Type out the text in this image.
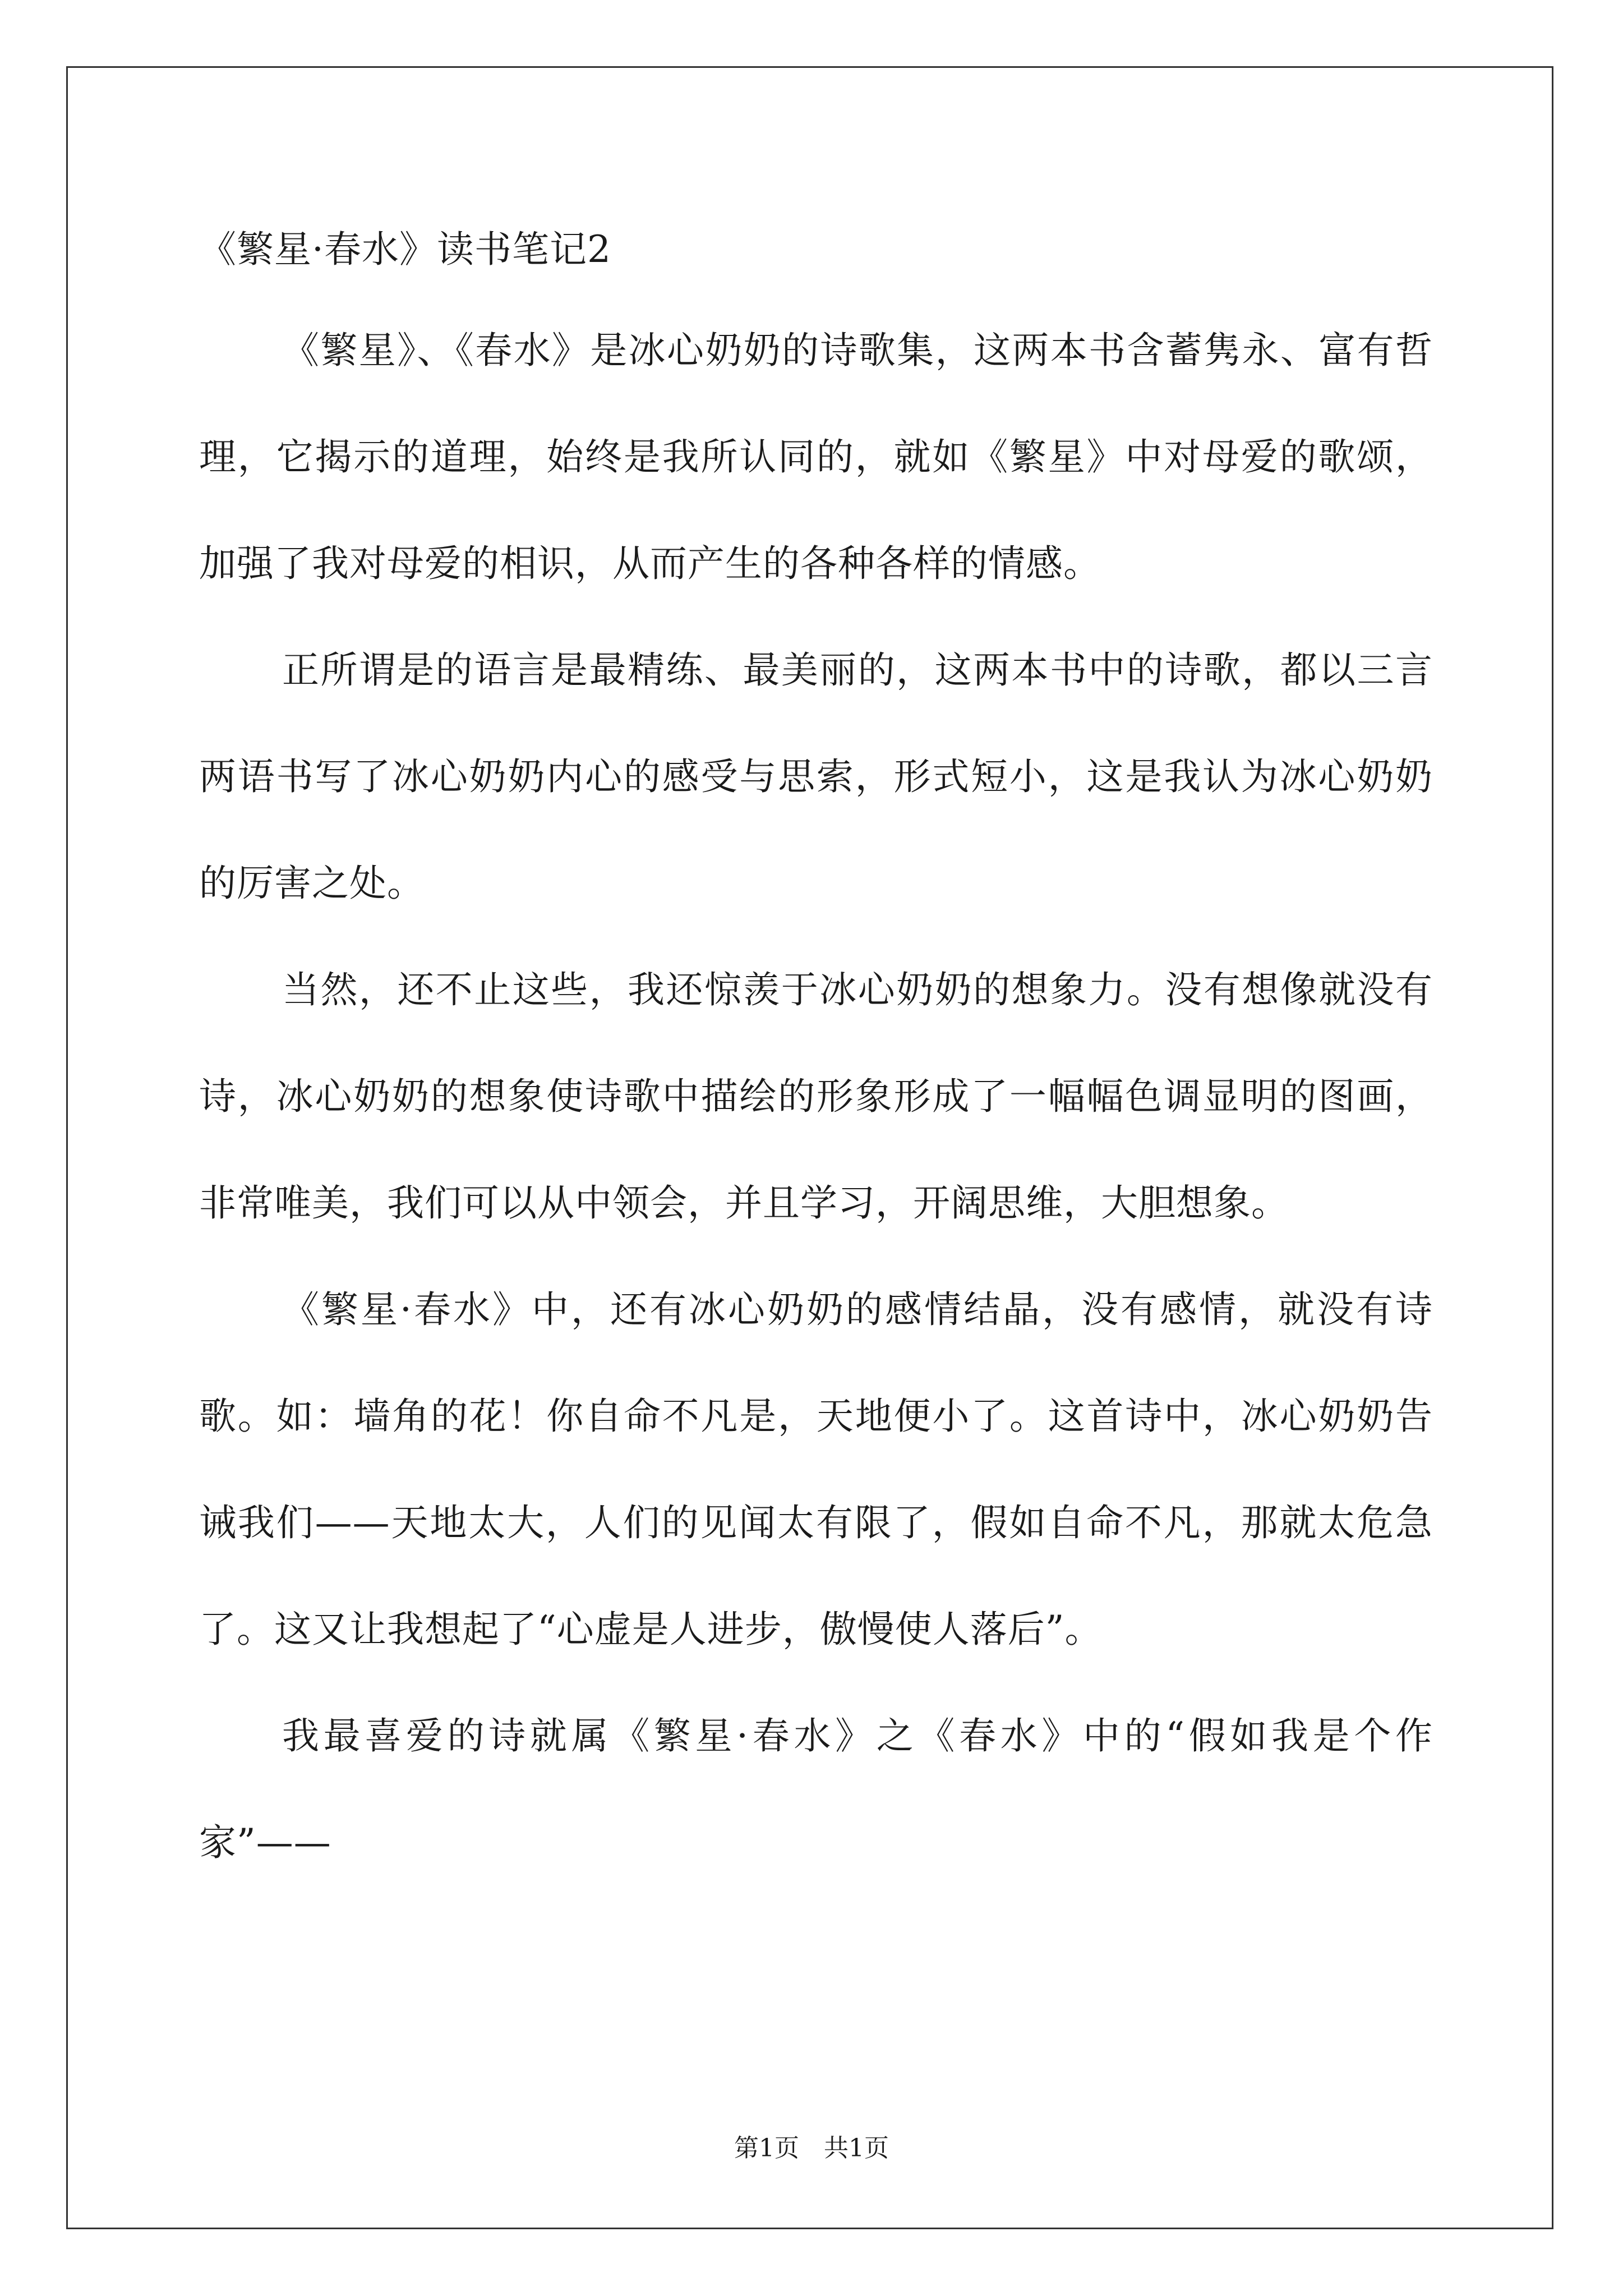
《繁星·春水》读书笔记2

《繁星》、《春水》是冰心奶奶的诗歌集，这两本书含蓄隽永、富有哲理，它揭示的道理，始终是我所认同的，就如《繁星》中对母爱的歌颂，加强了我对母爱的相识，从而产生的各种各样的情感。

正所谓是的语言是最精练、最美丽的，这两本书中的诗歌，都以三言两语书写了冰心奶奶内心的感受与思索，形式短小，这是我认为冰心奶奶的厉害之处。

当然，还不止这些，我还惊羡于冰心奶奶的想象力。没有想像就没有诗，冰心奶奶的想象使诗歌中描绘的形象形成了一幅幅色调显明的图画，非常唯美，我们可以从中领会，并且学习，开阔思维，大胆想象。

《繁星·春水》中，还有冰心奶奶的感情结晶，没有感情，就没有诗歌。如：墙角的花！你自命不凡是，天地便小了。这首诗中，冰心奶奶告诫我们——天地太大，人们的见闻太有限了，假如自命不凡，那就太危急了。这又让我想起了“心虚是人进步，傲慢使人落后”。

我最喜爱的诗就属《繁星·春水》之《春水》中的“假如我是个作家”——

第1页　共1页
